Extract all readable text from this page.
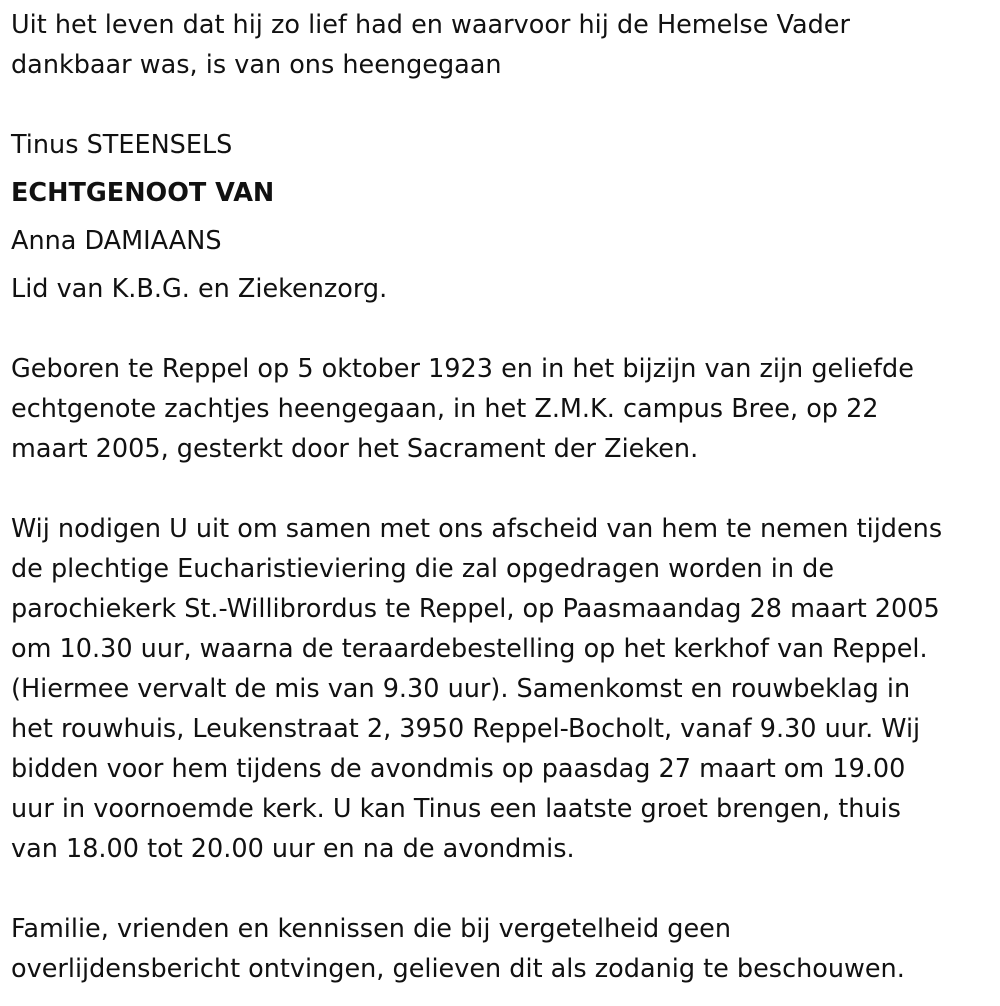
Uit het leven dat hij zo lief had en waarvoor hij de Hemelse Vader
dankbaar was, is van ons heengegaan

Tinus STEENSELS

ECHTGENOOT VAN

Anna DAMIAANS

Lid van K.B.G. en Ziekenzorg.

Geboren te Reppel op 5 oktober 1923 en in het bijzijn van zijn geliefde
echtgenote zachtjes heengegaan, in het Z.M.K. campus Bree, op 22
maart 2005, gesterkt door het Sacrament der Zieken.

Wij nodigen U uit om samen met ons afscheid van hem te nemen tijdens
de plechtige Eucharistieviering die zal opgedragen worden in de
parochiekerk St.-Willibrordus te Reppel, op Paasmaandag 28 maart 2005
om 10.30 uur, waarna de teraardebestelling op het kerkhof van Reppel.
(Hiermee vervalt de mis van 9.30 uur). Samenkomst en rouwbeklag in
het rouwhuis, Leukenstraat 2, 3950 Reppel-Bocholt, vanaf 9.30 uur. Wij
bidden voor hem tijdens de avondmis op paasdag 27 maart om 19.00
uur in voornoemde kerk. U kan Tinus een laatste groet brengen, thuis
van 18.00 tot 20.00 uur en na de avondmis.

Familie, vrienden en kennissen die bij vergetelheid geen
overlijdensbericht ontvingen, gelieven dit als zodanig te beschouwen.
